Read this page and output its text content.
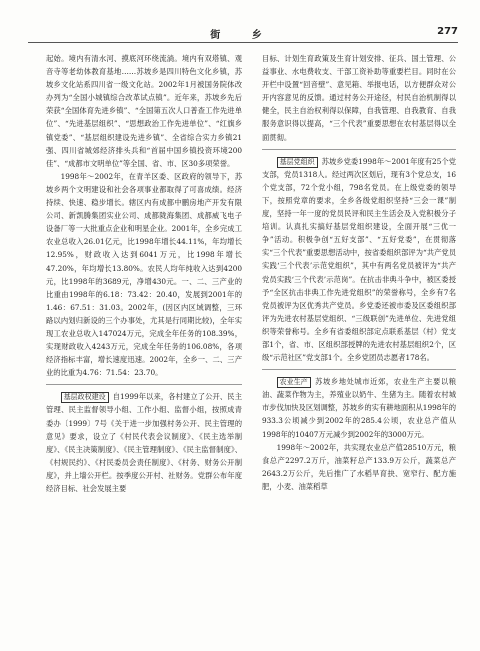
街 乡	277

起始。境内有清水河、摸底河环绕流淌。境内有双塔镇、观音寺等老幼体教育基地……苏坡乡是四川特色文化乡镇，苏坡乡文化站系四川省一级文化站。2002年1月被国务院体改办列为“全国小城镇综合改革试点镇”。近年来，苏坡乡先后荣获“全国体育先进乡镇”、“全国第五次人口普查工作先进单位”、“先进基层组织”、“思想政治工作先进单位”、“红旗乡镇党委”、“基层组织建设先进乡镇”、全省综合实力乡镇21强、四川省城郊经济排头兵和“首届中国乡镇投资环境200佳”、“成都市文明单位”等全国、省、市、区30多项荣誉。

1998年～2002年，在青羊区委、区政府的领导下，苏坡乡两个文明建设和社会各项事业都取得了可喜成绩。经济持续、快速、稳步增长。辖区内有成都中鹏房地产开发有限公司、新凯腾集团实业公司、成都陇海集团、成都威飞电子设备厂等一大批重点企业和明星企业。2001年，全乡完成工农业总收入26.01亿元，比1998年增长44.11%，年均增长12.95%，财政收入达到6041万元，比1998年增长47.20%，年均增长13.80%。农民人均年纯收入达到4200元，比1998年的3689元，净增430元。一、二、三产业的比重由1998年的6.18：73.42：20.40，发展到2001年的1.46：67.51：31.03。2002年，(因区内区域调整，三环路以内划归新设的三个办事处，尤其是行同期比较)，全年实现工农业总收入147024万元，完成全年任务的108.39%，实现财政收入4243万元，完成全年任务的106.08%，各项经济指标丰富，增长速度迅速。2002年，全乡一、二、三产业的比重为4.76：71.54：23.70。

基层政权建设 自1999年以来，各村建立了公开、民主管理、民主监督领导小组、工作小组、监督小组，按照成青委办〔1999〕7号《关于进一步加强村务公开、民主管理的意见》要求，设立了《村民代表会议制度》、《民主选举制度》、《民主决策制度》、《民主管理制度》、《民主监督制度》、《村规民约》、《村民委员会责任制度》、《村务、财务公开制度》，并上墙公开栏。按季度公开村、社财务。党群公布年度经济目标、社会发展主要

目标、计划生育政策及生育计划安排、征兵、国土管理、公益事业、水电费收支、干部工资补助等重要栏目。同时在公开栏中设置“回音壁”、意见箱、举报电话，以方便群众对公开内容意见的反馈。通过村务公开途径，村民自治机制得以健全，民主自治权利得以保障，自我管理、自我教育、自我服务意识得以提高，“三个代表”重要思想在农村基层得以全面贯彻。

基层党组织 苏坡乡党委1998年～2001年度有25个党支部，党员1318人。经过两次区划后，现有3个党总支，16个党支部，72个党小组，798名党员。在上级党委的领导下，按照党章的要求，全乡各级党组织坚持“三会一课”制度，坚持一年一度的党员民评和民主生活会及入党积极分子培训。认真扎实搞好基层党组织建设，全面开展“三优一争”活动。积极争创“五好支部”、“五好党委”，在贯彻落实“三个代表”重要思想活动中，按省委组织部评为“共产党员实践‘三个代表’示范党组织”，其中有两名党员被评为“共产党员实践‘三个代表’示范岗”。在抗击非典斗争中，被区委授予“全区抗击非典工作先进党组织”的荣誉称号，全乡有7名党员被评为区优秀共产党员。乡党委还被市委及区委组织部评为先进农村基层党组织、“三级联创”先进单位、先进党组织等荣誉称号。全乡有省委组织部定点联系基层（村）党支部1个，省、市、区组织部授牌的先进农村基层组织2个，区级“示范社区”党支部1个。全乡党团员志愿者178名。

农业生产 苏坡乡地处城市近郊，农业生产主要以粮油、蔬菜作物为主，养殖业以奶牛、生猪为主。随着农村城市步伐加快及区划调整，苏坡乡的实有耕地面积从1998年的933.3公顷减少到2002年的285.4公顷，农业总产值从1998年的10407万元减少到2002年的3000万元。

1998年～2002年，共实现农业总产值28510万元，粮食总产2297.2万斤，油菜籽总产133.9万公斤，蔬菜总产2643.2万公斤，先后推广了水稻旱育抉、宽窄行、配方施肥，小麦、油菜稻草
